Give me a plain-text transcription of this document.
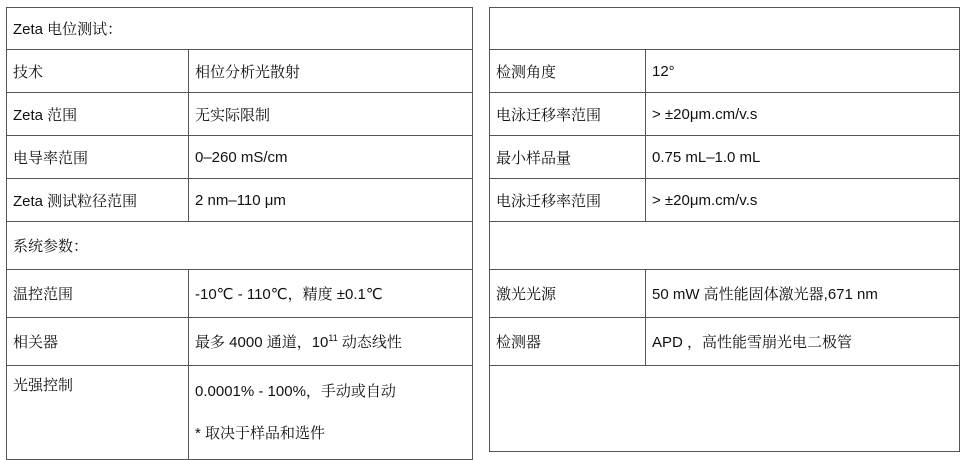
Zeta 电位测试：	
技术	相位分析光散射
Zeta 范围	无实际限制
电导率范围	0–260 mS/cm
Zeta 测试粒径范围	2 nm–110 μm
系统参数：	
温控范围	-10℃ - 110℃，精度 ±0.1℃
相关器	最多 4000 通道，$10^{11}$ 动态线性
光强控制	0.0001% - 100%，手动或自动
* 取决于样品和选件

检测角度	12°
电泳迁移率范围	> ±20μm.cm/v.s
最小样品量	0.75 mL–1.0 mL
电泳迁移率范围	> ±20μm.cm/v.s

激光光源	50 mW 高性能固体激光器,671 nm
检测器	APD ，高性能雪崩光电二极管
